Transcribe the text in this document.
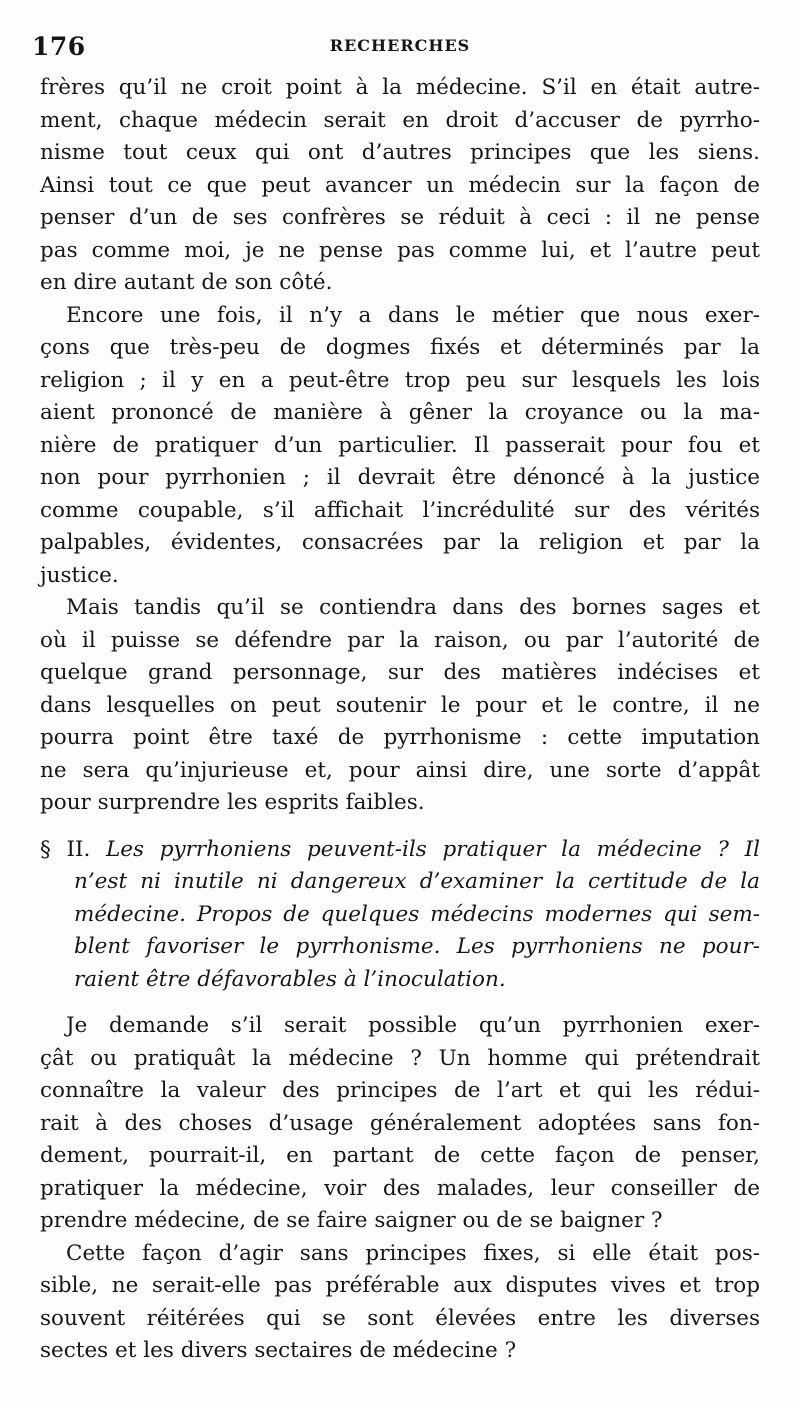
176	RECHERCHES
frères qu’il ne croit point à la médecine. S’il en était autre-
ment, chaque médecin serait en droit d’accuser de pyrrho-
nisme tout ceux qui ont d’autres principes que les siens.
Ainsi tout ce que peut avancer un médecin sur la façon de
penser d’un de ses confrères se réduit à ceci : il ne pense
pas comme moi, je ne pense pas comme lui, et l’autre peut
en dire autant de son côté.
Encore une fois, il n’y a dans le métier que nous exer-
çons que très-peu de dogmes fixés et déterminés par la
religion ; il y en a peut-être trop peu sur lesquels les lois
aient prononcé de manière à gêner la croyance ou la ma-
nière de pratiquer d’un particulier. Il passerait pour fou et
non pour pyrrhonien ; il devrait être dénoncé à la justice
comme coupable, s’il affichait l’incrédulité sur des vérités
palpables, évidentes, consacrées par la religion et par la
justice.
Mais tandis qu’il se contiendra dans des bornes sages et
où il puisse se défendre par la raison, ou par l’autorité de
quelque grand personnage, sur des matières indécises et
dans lesquelles on peut soutenir le pour et le contre, il ne
pourra point être taxé de pyrrhonisme : cette imputation
ne sera qu’injurieuse et, pour ainsi dire, une sorte d’appât
pour surprendre les esprits faibles.
§ II. Les pyrrhoniens peuvent-ils pratiquer la médecine ? Il
n’est ni inutile ni dangereux d’examiner la certitude de la
médecine. Propos de quelques médecins modernes qui sem-
blent favoriser le pyrrhonisme. Les pyrrhoniens ne pour-
raient être défavorables à l’inoculation.
Je demande s’il serait possible qu’un pyrrhonien exer-
çât ou pratiquât la médecine ? Un homme qui prétendrait
connaître la valeur des principes de l’art et qui les rédui-
rait à des choses d’usage généralement adoptées sans fon-
dement, pourrait-il, en partant de cette façon de penser,
pratiquer la médecine, voir des malades, leur conseiller de
prendre médecine, de se faire saigner ou de se baigner ?
Cette façon d’agir sans principes fixes, si elle était pos-
sible, ne serait-elle pas préférable aux disputes vives et trop
souvent réitérées qui se sont élevées entre les diverses
sectes et les divers sectaires de médecine ?
